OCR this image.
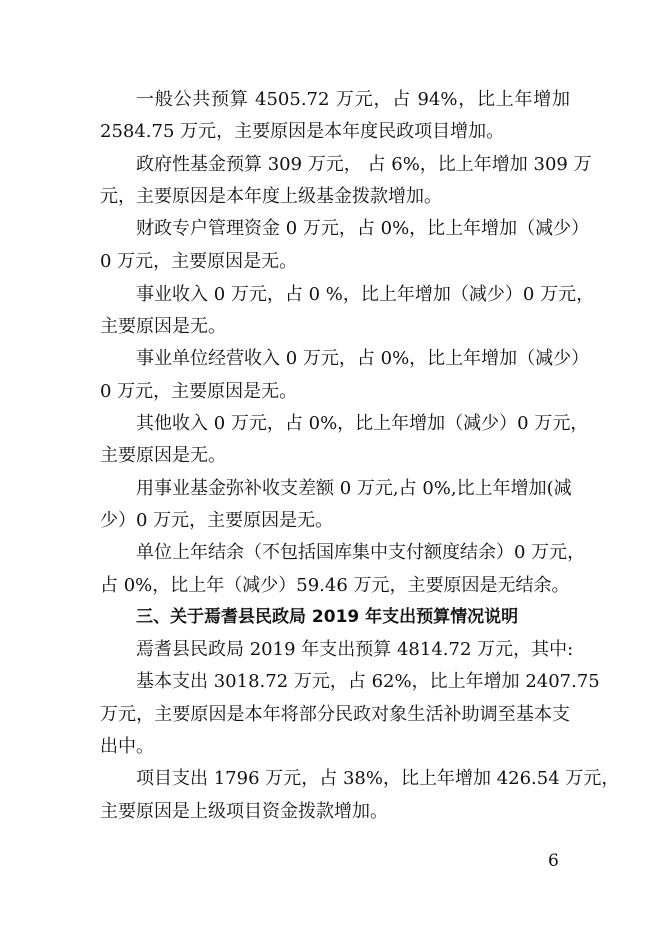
一般公共预算 4505.72 万元，占 94%，比上年增加
2584.75 万元，主要原因是本年度民政项目增加。
政府性基金预算 309 万元， 占 6%，比上年增加 309 万
元，主要原因是本年度上级基金拨款增加。
财政专户管理资金 0 万元，占 0%，比上年增加（减少）
0 万元，主要原因是无。
事业收入 0 万元，占 0 %，比上年增加（减少）0 万元，
主要原因是无。
事业单位经营收入 0 万元，占 0%，比上年增加（减少）
0 万元，主要原因是无。
其他收入 0 万元，占 0%，比上年增加（减少）0 万元，
主要原因是无。
用事业基金弥补收支差额 0 万元,占 0%,比上年增加(减
少）0 万元，主要原因是无。
单位上年结余（不包括国库集中支付额度结余）0 万元，
占 0%，比上年（减少）59.46 万元，主要原因是无结余。
三、关于焉耆县民政局 2019 年支出预算情况说明
焉耆县民政局 2019 年支出预算 4814.72 万元，其中:
基本支出 3018.72 万元，占 62%，比上年增加 2407.75
万元，主要原因是本年将部分民政对象生活补助调至基本支
出中。
项目支出 1796 万元，占 38%，比上年增加 426.54 万元，
主要原因是上级项目资金拨款增加。
6
